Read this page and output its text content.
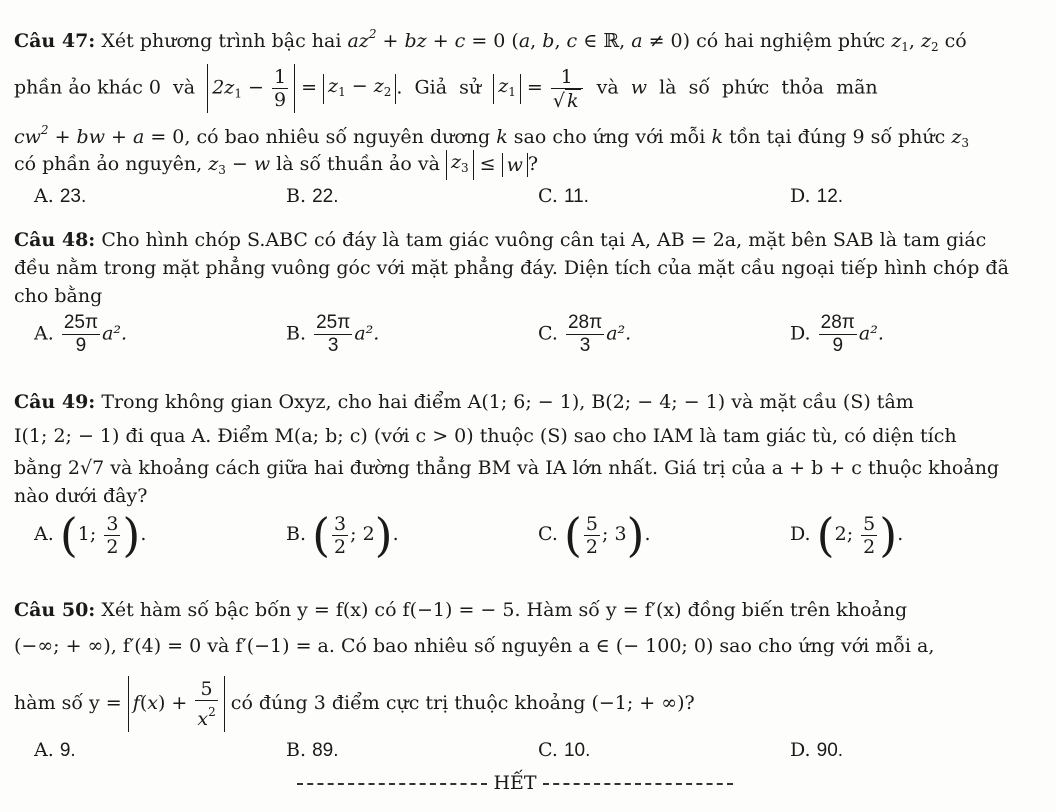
Câu 47: Xét phương trình bậc hai $az^2$ + bz + c = 0 (a, b, c ∈ ℝ, a ≠ 0) có hai nghiệm phức $z_1$, $z_2$ có
phần ảo khác 0  và  $2z_1 - \frac{1}{9} = z_1 - z_2$ .  Giả  sử  $z_1 = \frac{1}{√ k}$ và  w  là  số  phức  thỏa  mãn
$cw^2$ + bw + a = 0, có bao nhiêu số nguyên dương k sao cho ứng với mỗi k tồn tại đúng 9 số phức $z_3$
có phần ảo nguyên, $z_3 - w$ là số thuần ảo và $z_3 \le w$ ?
A. 23.	B. 22.	C. 11.	D. 12.
Câu 48: Cho hình chóp S.ABC có đáy là tam giác vuông cân tại A, AB = 2a, mặt bên SAB là tam giác
đều nằm trong mặt phẳng vuông góc với mặt phẳng đáy. Diện tích của mặt cầu ngoại tiếp hình chóp đã
cho bằng
A. $\frac{25\pi}{9} a^2$.	B. $\frac{25\pi}{3} a^2$.	C. $\frac{28\pi}{3} a^2$.	D. $\frac{28\pi}{9} a^2$.
Câu 49: Trong không gian Oxyz, cho hai điểm A(1; 6; − 1), B(2; − 4; − 1) và mặt cầu (S) tâm
I(1; 2; − 1) đi qua A. Điểm M(a; b; c) (với c > 0) thuộc (S) sao cho IAM là tam giác tù, có diện tích
bằng 2√7 và khoảng cách giữa hai đường thẳng BM và IA lớn nhất. Giá trị của a + b + c thuộc khoảng
nào dưới đây?
A. (1; $\frac{3}{2}$ ).	B. ( $\frac{3}{2}$ ; 2).	C. ( $\frac{5}{2}$ ; 3).	D. (2; $\frac{5}{2}$ ).
Câu 50: Xét hàm số bậc bốn y = f(x) có f(−1) = − 5. Hàm số y = f′(x) đồng biến trên khoảng
(−∞; + ∞), f′(4) = 0 và f′(−1) = a. Có bao nhiêu số nguyên a ∈ (− 100; 0) sao cho ứng với mỗi a,
hàm số $y = f(x) + \frac{5}{x^2}$ có đúng 3 điểm cực trị thuộc khoảng (−1; + ∞)?
A. 9.	B. 89.	C. 10.	D. 90.
HẾT
